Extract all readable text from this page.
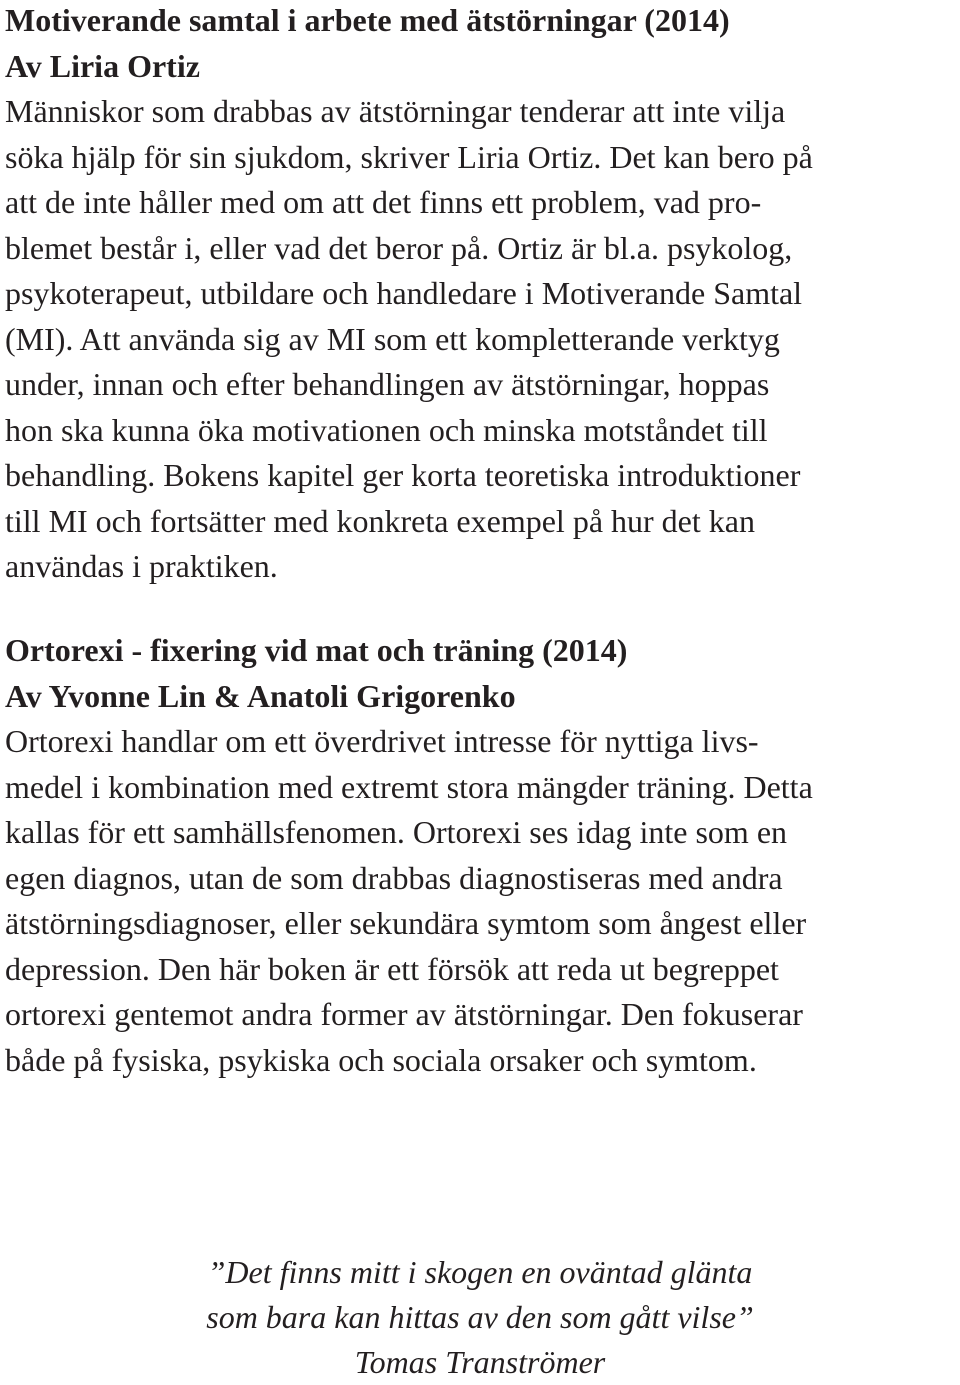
Motiverande samtal i arbete med ätstörningar (2014)
Av Liria Ortiz

Människor som drabbas av ätstörningar tenderar att inte vilja
söka hjälp för sin sjukdom, skriver Liria Ortiz. Det kan bero på
att de inte håller med om att det finns ett problem, vad pro-
blemet består i, eller vad det beror på. Ortiz är bl.a. psykolog,
psykoterapeut, utbildare och handledare i Motiverande Samtal
(MI). Att använda sig av MI som ett kompletterande verktyg
under, innan och efter behandlingen av ätstörningar, hoppas
hon ska kunna öka motivationen och minska motståndet till
behandling. Bokens kapitel ger korta teoretiska introduktioner
till MI och fortsätter med konkreta exempel på hur det kan
användas i praktiken.

Ortorexi - fixering vid mat och träning (2014)
Av Yvonne Lin & Anatoli Grigorenko

Ortorexi handlar om ett överdrivet intresse för nyttiga livs-
medel i kombination med extremt stora mängder träning. Detta
kallas för ett samhällsfenomen. Ortorexi ses idag inte som en
egen diagnos, utan de som drabbas diagnostiseras med andra
ätstörningsdiagnoser, eller sekundära symtom som ångest eller
depression. Den här boken är ett försök att reda ut begreppet
ortorexi gentemot andra former av ätstörningar. Den fokuserar
både på fysiska, psykiska och sociala orsaker och symtom.

”Det finns mitt i skogen en oväntad glänta
som bara kan hittas av den som gått vilse”
Tomas Tranströmer
